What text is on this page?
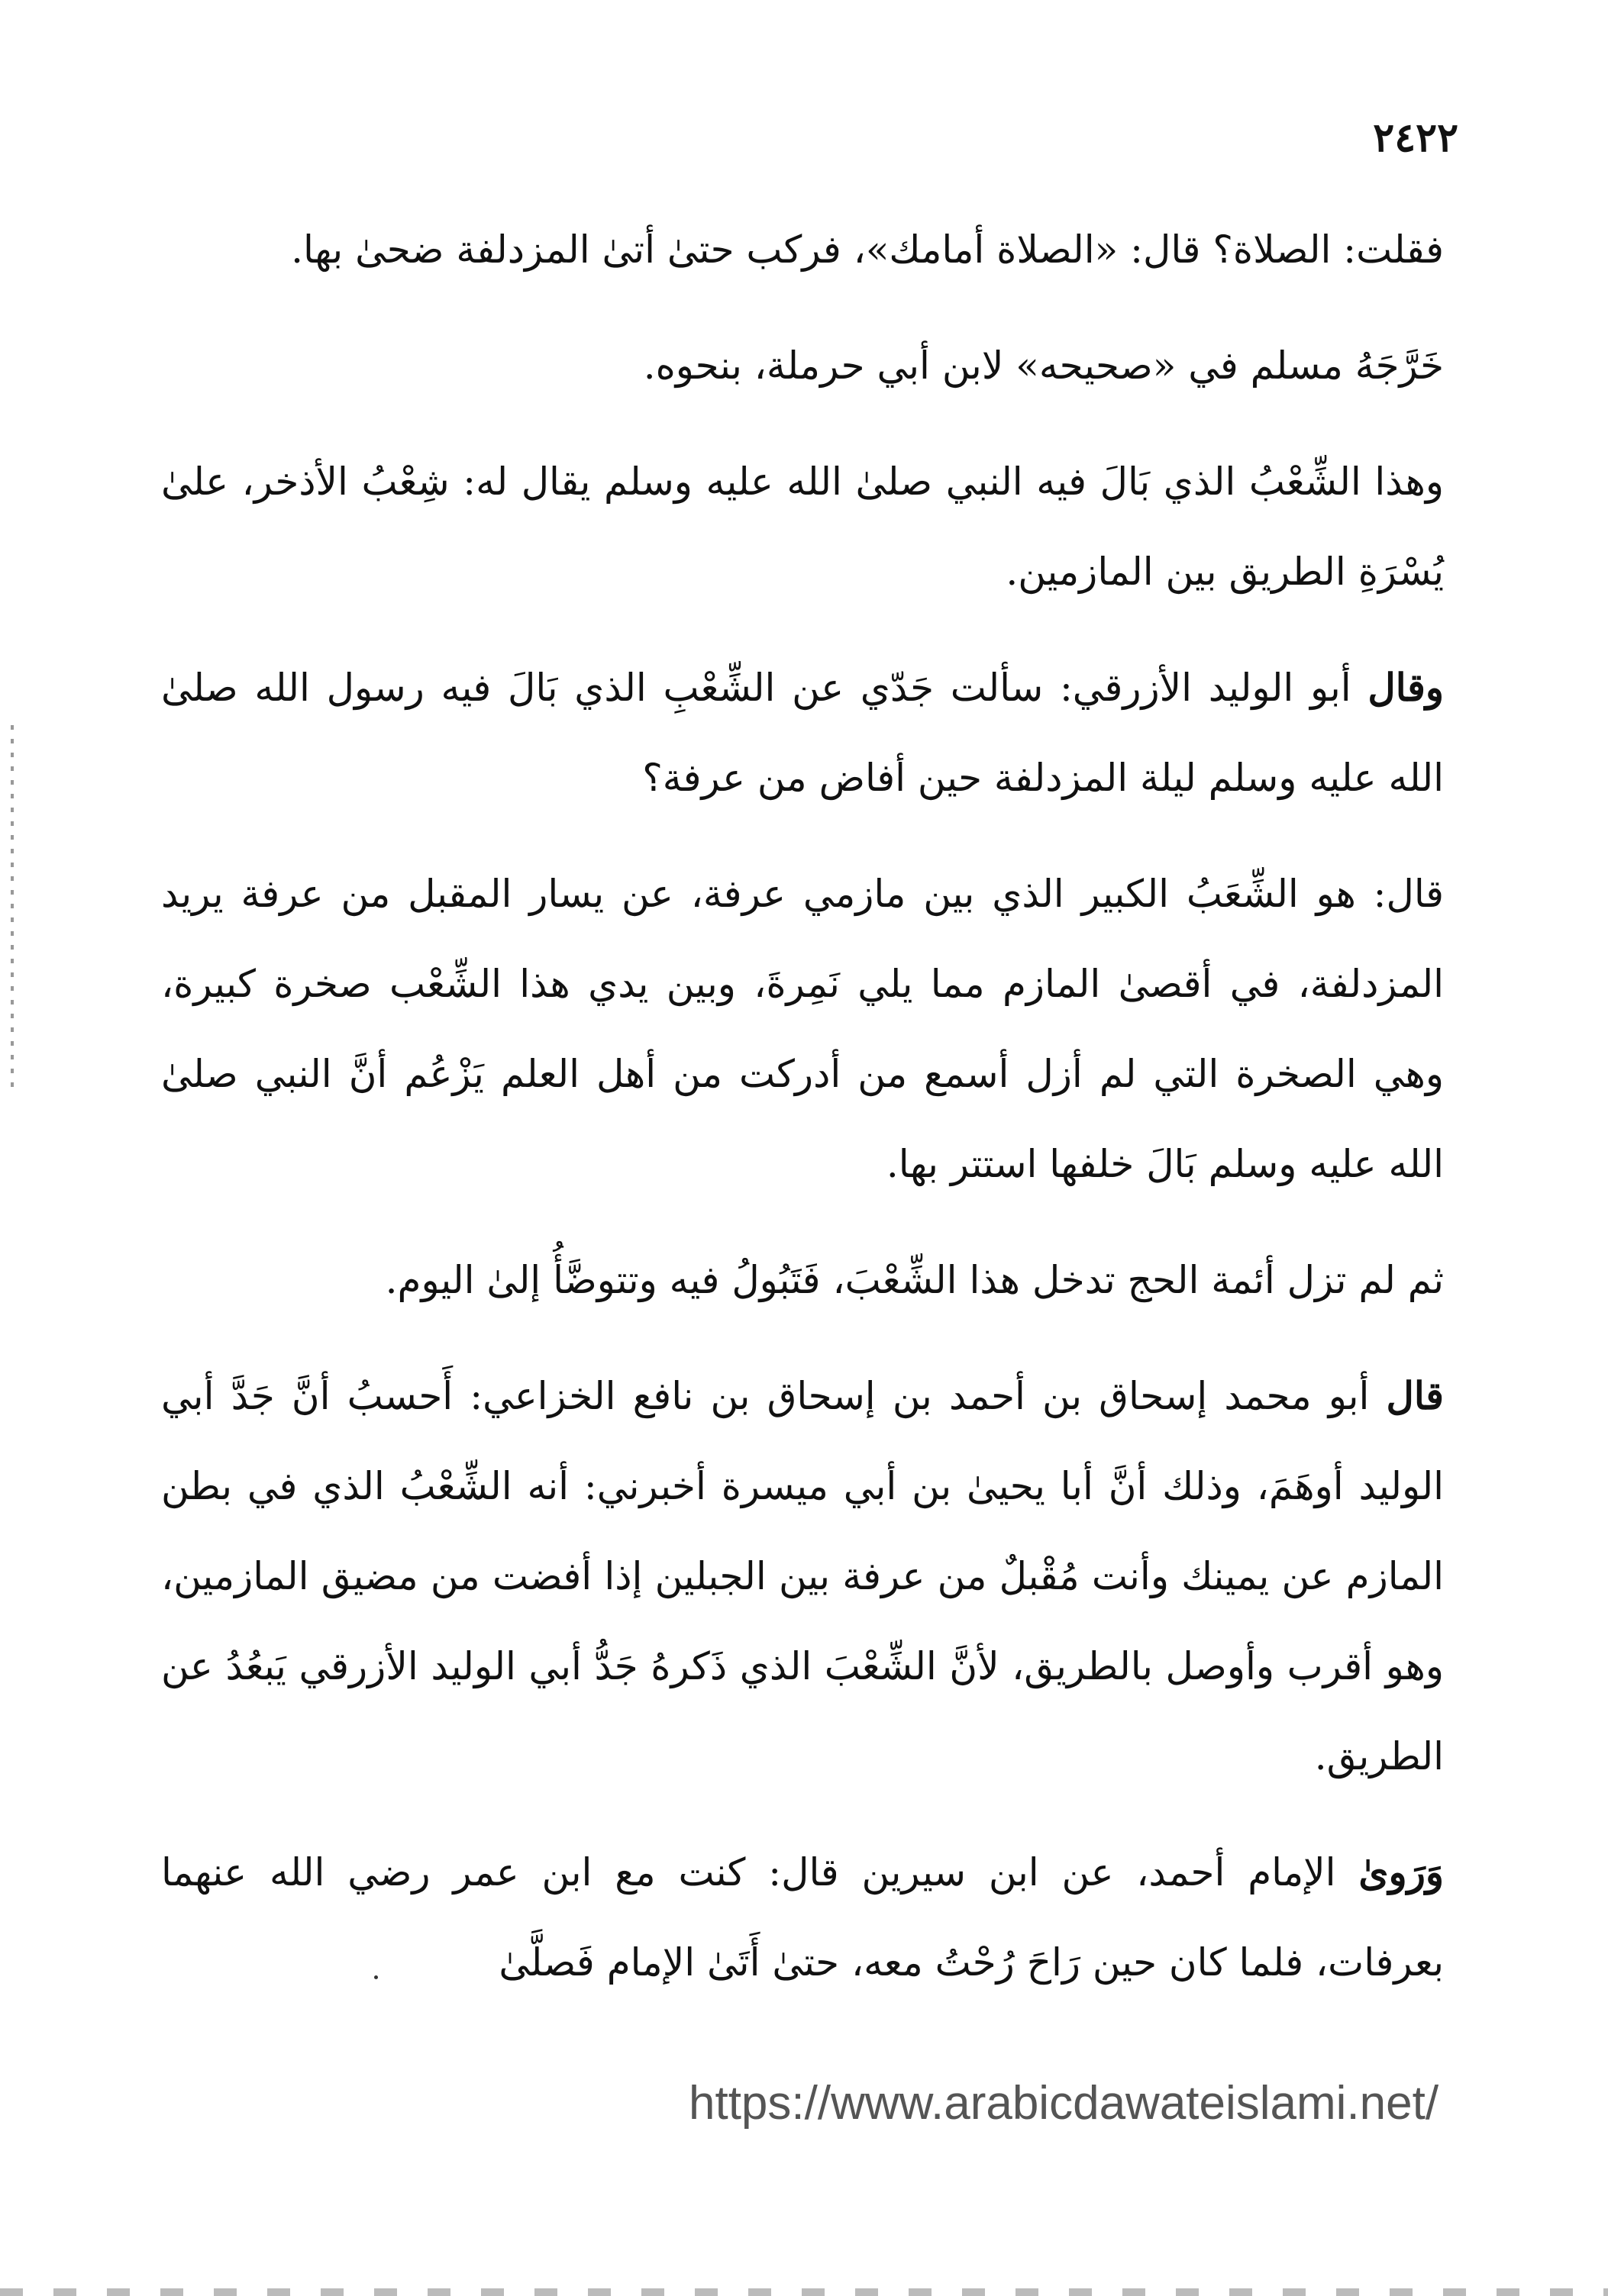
٢٤٢٢

فقلت: الصلاة؟ قال: «الصلاة أمامك»، فركب حتىٰ أتىٰ المزدلفة ضحىٰ بها.

خَرَّجَهُ مسلم في «صحيحه» لابن أبي حرملة، بنحوه.

وهذا الشِّعْبُ الذي بَالَ فيه النبي صلىٰ الله عليه وسلم يقال له: شِعْبُ الأذخر، علىٰ يُسْرَةِ الطريق بين المازمين.

وقال أبو الوليد الأزرقي: سألت جَدّي عن الشِّعْبِ الذي بَالَ فيه رسول الله صلىٰ الله عليه وسلم ليلة المزدلفة حين أفاض من عرفة؟

قال: هو الشِّعَبُ الكبير الذي بين مازمي عرفة، عن يسار المقبل من عرفة يريد المزدلفة، في أقصىٰ المازم مما يلي نَمِرةَ، وبين يدي هذا الشِّعْب صخرة كبيرة، وهي الصخرة التي لم أزل أسمع من أدركت من أهل العلم يَزْعُم أنَّ النبي صلىٰ الله عليه وسلم بَالَ خلفها استتر بها.

ثم لم تزل أئمة الحج تدخل هذا الشِّعْبَ، فَتَبُولُ فيه وتتوضَّأُ إلىٰ اليوم.

قال أبو محمد إسحاق بن أحمد بن إسحاق بن نافع الخزاعي: أَحسبُ أنَّ جَدَّ أبي الوليد أوهَمَ، وذلك أنَّ أبا يحيىٰ بن أبي ميسرة أخبرني: أنه الشِّعْبُ الذي في بطن المازم عن يمينك وأنت مُقْبلٌ من عرفة بين الجبلين إذا أفضت من مضيق المازمين، وهو أقرب وأوصل بالطريق، لأنَّ الشِّعْبَ الذي ذَكرهُ جَدُّ أبي الوليد الأزرقي يَبعُدُ عن الطريق.

وَرَوىٰ الإمام أحمد، عن ابن سيرين قال: كنت مع ابن عمر رضي الله عنهما بعرفات، فلما كان حين رَاحَ رُحْتُ معه، حتىٰ أَتَىٰ الإمام فَصلَّىٰ

https://www.arabicdawateislami.net/
